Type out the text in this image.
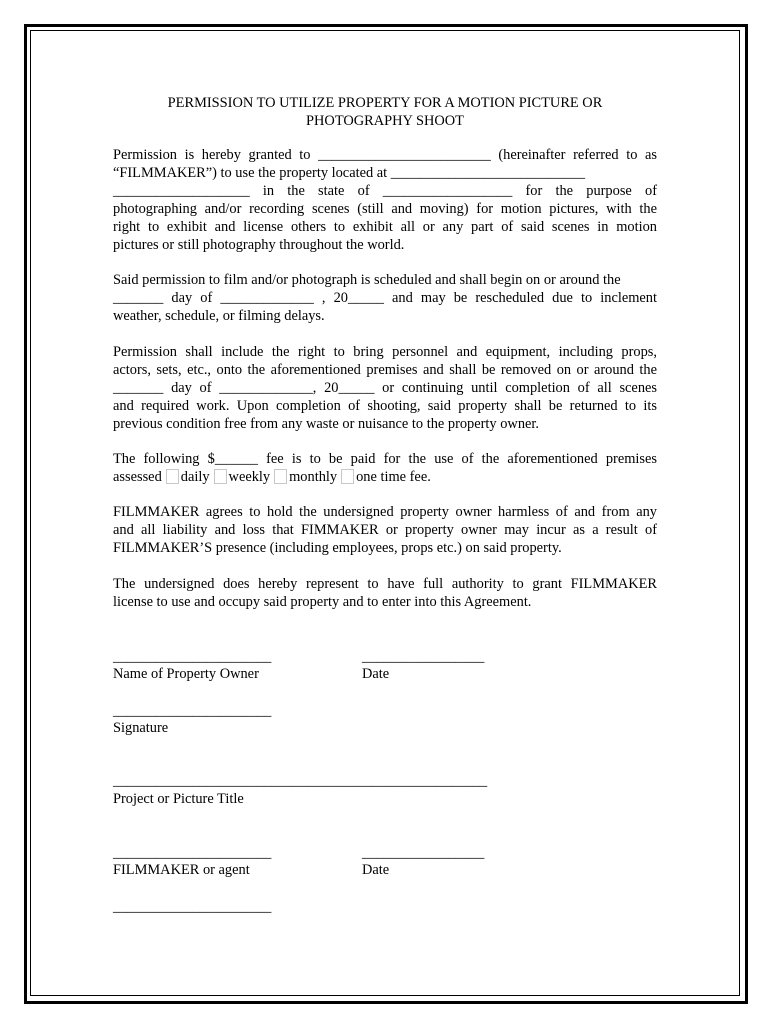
PERMISSION TO UTILIZE PROPERTY FOR A MOTION PICTURE OR
PHOTOGRAPHY SHOOT
Permission is hereby granted to ________________________ (hereinafter referred to as
“FILMMAKER”) to use the property located at ___________________________
___________________ in the state of __________________ for the purpose of
photographing and/or recording scenes (still and moving) for motion pictures, with the
right to exhibit and license others to exhibit all or any part of said scenes in motion
pictures or still photography throughout the world.
Said permission to film and/or photograph is scheduled and shall begin on or around the
_______ day of _____________ , 20_____ and may be rescheduled due to inclement
weather, schedule, or filming delays.
Permission shall include the right to bring personnel and equipment, including props,
actors, sets, etc., onto the aforementioned premises and shall be removed on or around the
_______ day of _____________, 20_____ or continuing until completion of all scenes
and required work. Upon completion of shooting, said property shall be returned to its
previous condition free from any waste or nuisance to the property owner.
The following $______ fee is to be paid for the use of the aforementioned premises
assessed daily weekly monthly one time fee.
FILMMAKER agrees to hold the undersigned property owner harmless of and from any
and all liability and loss that FIMMAKER or property owner may incur as a result of
FILMMAKER’S presence (including employees, props etc.) on said property.
The undersigned does hereby represent to have full authority to grant FILMMAKER
license to use and occupy said property and to enter into this Agreement.
______________________
Name of Property Owner
_________________
Date
______________________
Signature
____________________________________________________
Project or Picture Title
______________________
FILMMAKER or agent
_________________
Date
______________________
